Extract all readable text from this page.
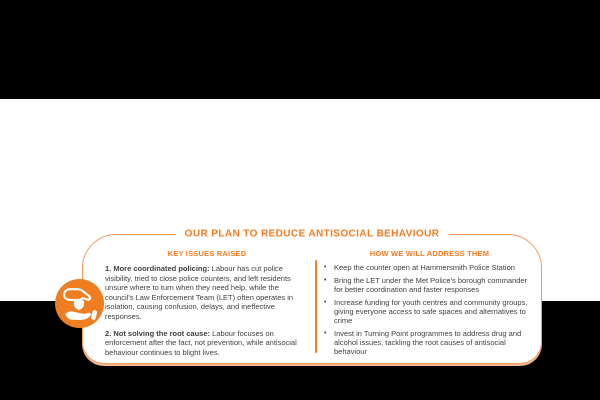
OUR PLAN TO REDUCE ANTISOCIAL BEHAVIOUR
KEY ISSUES RAISED

1. More coordinated policing: Labour has cut police visibility, tried to close police counters, and left residents unsure where to turn when they need help, while the council's Law Enforcement Team (LET) often operates in isolation, causing confusion, delays, and ineffective responses.

2. Not solving the root cause: Labour focuses on enforcement after the fact, not prevention, while antisocial behaviour continues to blight lives.

HOW WE WILL ADDRESS THEM
• Keep the counter open at Hammersmith Police Station
• Bring the LET under the Met Police's borough commander for better coordination and faster responses
• Increase funding for youth centres and community groups, giving everyone access to safe spaces and alternatives to crime
• Invest in Turning Point programmes to address drug and alcohol issues, tackling the root causes of antisocial behaviour
